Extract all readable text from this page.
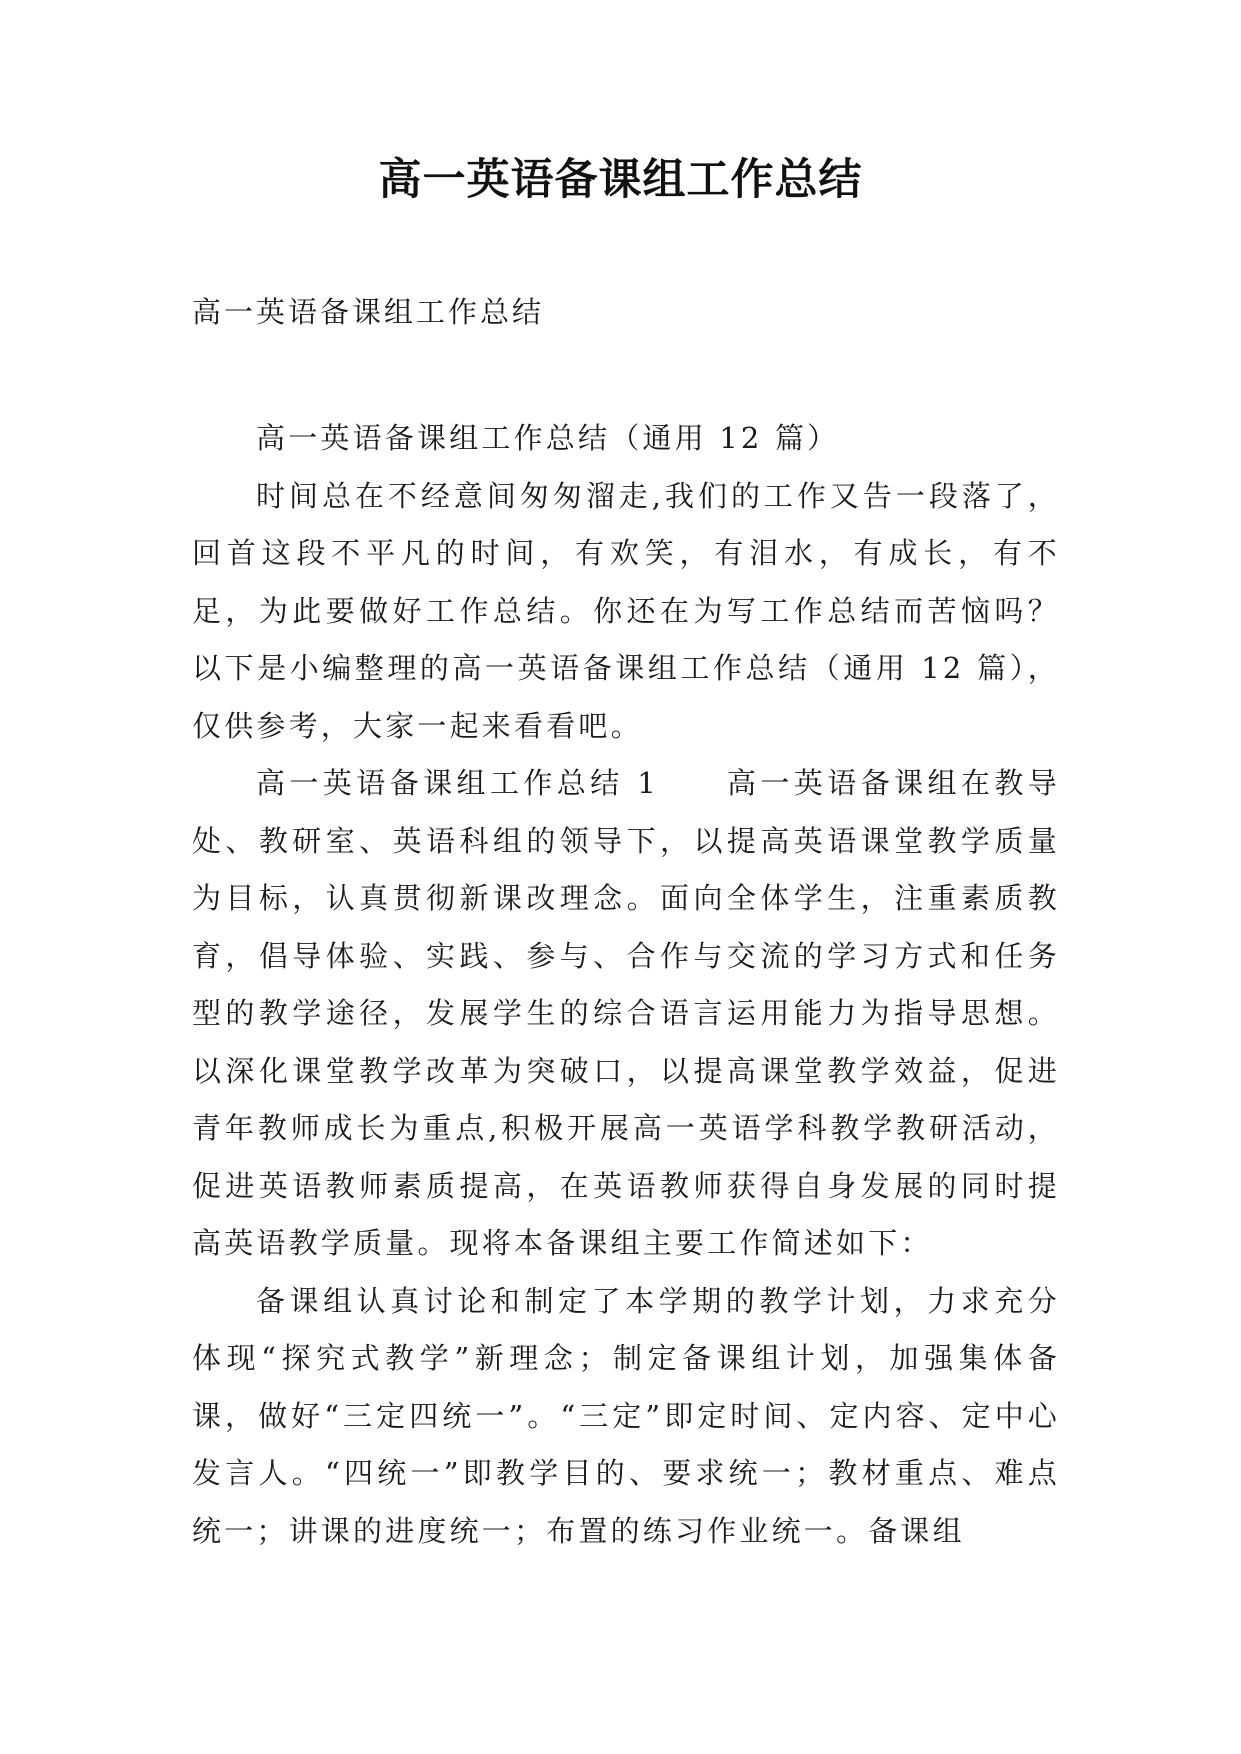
高一英语备课组工作总结
高一英语备课组工作总结

高一英语备课组工作总结（通用 12 篇）

时间总在不经意间匆匆溜走,我们的工作又告一段落了，回首这段不平凡的时间，有欢笑，有泪水，有成长，有不足，为此要做好工作总结。你还在为写工作总结而苦恼吗？以下是小编整理的高一英语备课组工作总结（通用 12 篇），仅供参考，大家一起来看看吧。

高一英语备课组工作总结 1　　高一英语备课组在教导处、教研室、英语科组的领导下，以提高英语课堂教学质量为目标，认真贯彻新课改理念。面向全体学生，注重素质教育，倡导体验、实践、参与、合作与交流的学习方式和任务型的教学途径，发展学生的综合语言运用能力为指导思想。以深化课堂教学改革为突破口，以提高课堂教学效益，促进青年教师成长为重点,积极开展高一英语学科教学教研活动，促进英语教师素质提高，在英语教师获得自身发展的同时提高英语教学质量。现将本备课组主要工作简述如下：

备课组认真讨论和制定了本学期的教学计划，力求充分体现“探究式教学”新理念；制定备课组计划，加强集体备课，做好“三定四统一”。“三定”即定时间、定内容、定中心发言人。“四统一”即教学目的、要求统一；教材重点、难点统一；讲课的进度统一；布置的练习作业统一。备课组
